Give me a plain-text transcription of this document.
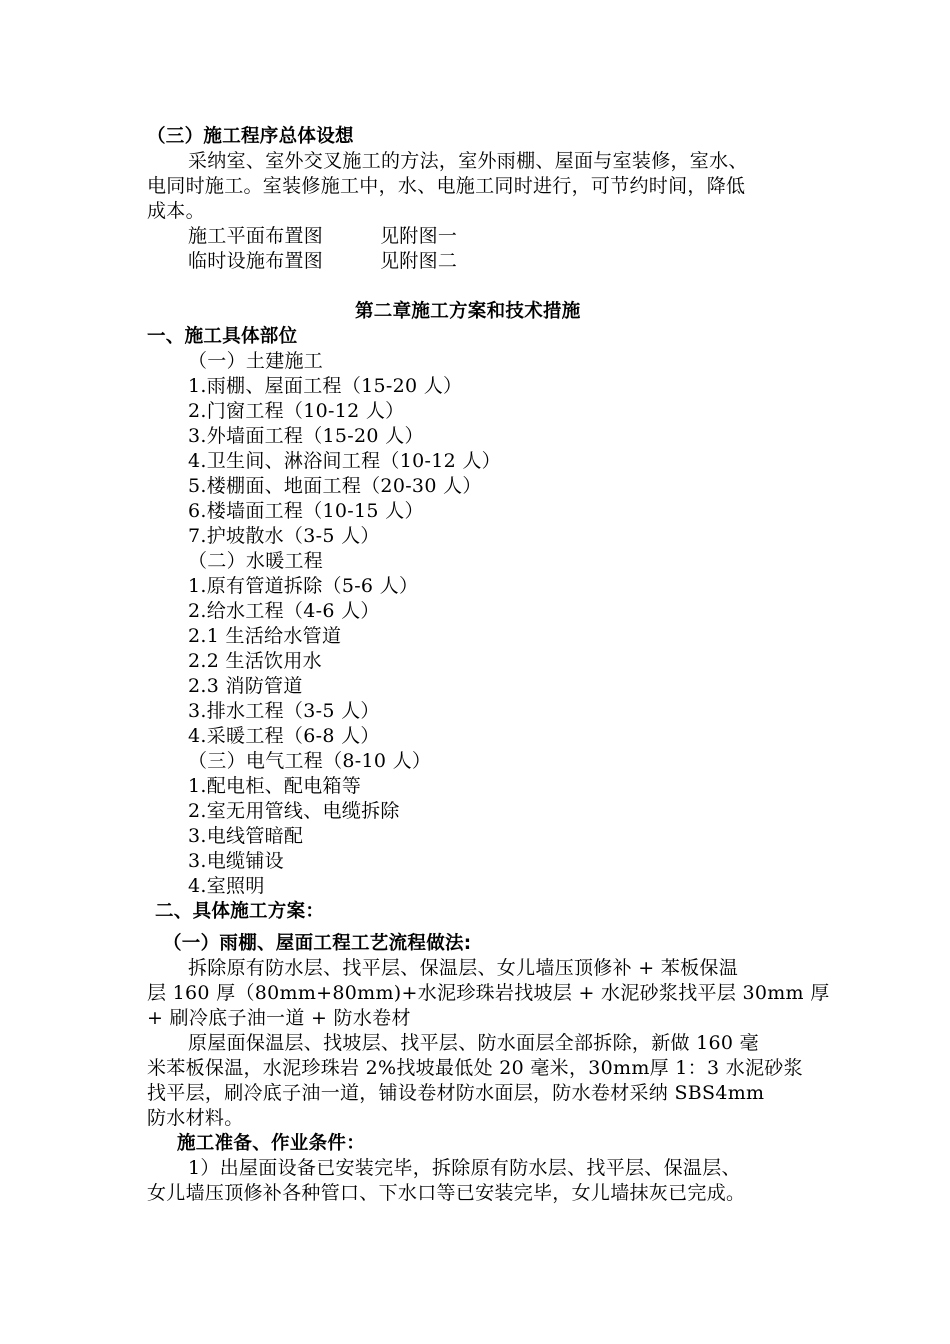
（三）施工程序总体设想
采纳室、室外交叉施工的方法，室外雨棚、屋面与室装修，室水、
电同时施工。室装修施工中，水、电施工同时进行，可节约时间，降低
成本。
施工平面布置图	见附图一
临时设施布置图	见附图二
第二章施工方案和技术措施
一、施工具体部位
（一）土建施工
1.雨棚、屋面工程（15-20 人）
2.门窗工程（10-12 人）
3.外墙面工程（15-20 人）
4.卫生间、淋浴间工程（10-12 人）
5.楼棚面、地面工程（20-30 人）
6.楼墙面工程（10-15 人）
7.护坡散水（3-5 人）
（二）水暖工程
1.原有管道拆除（5-6 人）
2.给水工程（4-6 人）
2.1 生活给水管道
2.2 生活饮用水
2.3 消防管道
3.排水工程（3-5 人）
4.采暖工程（6-8 人）
（三）电气工程（8-10 人）
1.配电柜、配电箱等
2.室无用管线、电缆拆除
3.电线管暗配
3.电缆铺设
4.室照明
二、具体施工方案：
（一）雨棚、屋面工程工艺流程做法:
拆除原有防水层、找平层、保温层、女儿墙压顶修补 + 苯板保温
层 160 厚（80mm+80mm)+水泥珍珠岩找坡层 + 水泥砂浆找平层 30mm 厚
+ 刷冷底子油一道 + 防水卷材
原屋面保温层、找坡层、找平层、防水面层全部拆除，新做 160 毫
米苯板保温，水泥珍珠岩 2%找坡最低处 20 毫米，30mm厚 1：3 水泥砂浆
找平层，刷冷底子油一道，铺设卷材防水面层，防水卷材采纳 SBS4mm
防水材料。
施工准备、作业条件：
1）出屋面设备已安装完毕，拆除原有防水层、找平层、保温层、
女儿墙压顶修补各种管口、下水口等已安装完毕，女儿墙抹灰已完成。
